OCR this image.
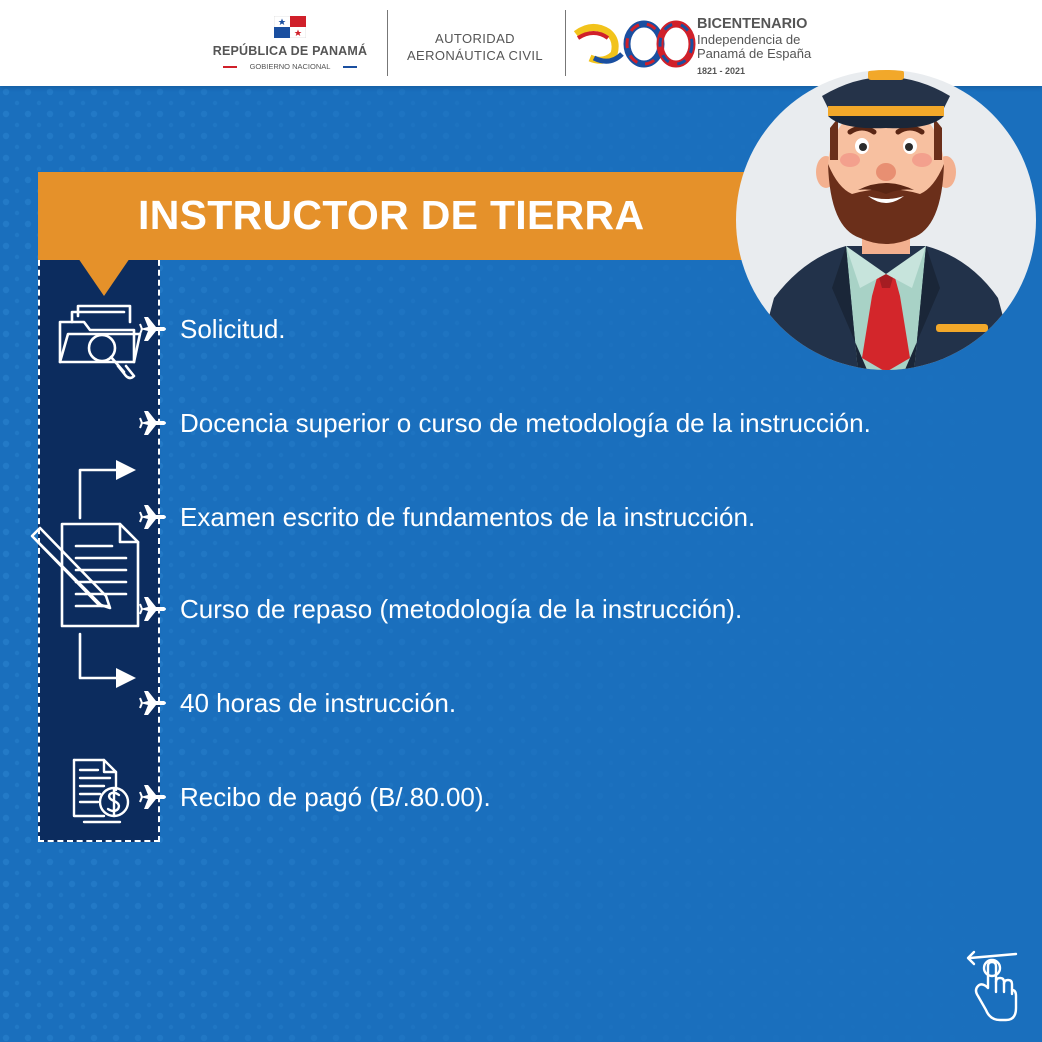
REPÚBLICA DE PANAMÁ
GOBIERNO NACIONAL
AUTORIDAD
AERONÁUTICA CIVIL
BICENTENARIO
Independencia de
Panamá de España
1821 - 2021
INSTRUCTOR DE TIERRA
Solicitud.
Docencia superior o curso de metodología de la instrucción.
Examen escrito de fundamentos de la instrucción.
Curso de repaso (metodología de la instrucción).
40 horas de instrucción.
Recibo de pagó (B/.80.00).
